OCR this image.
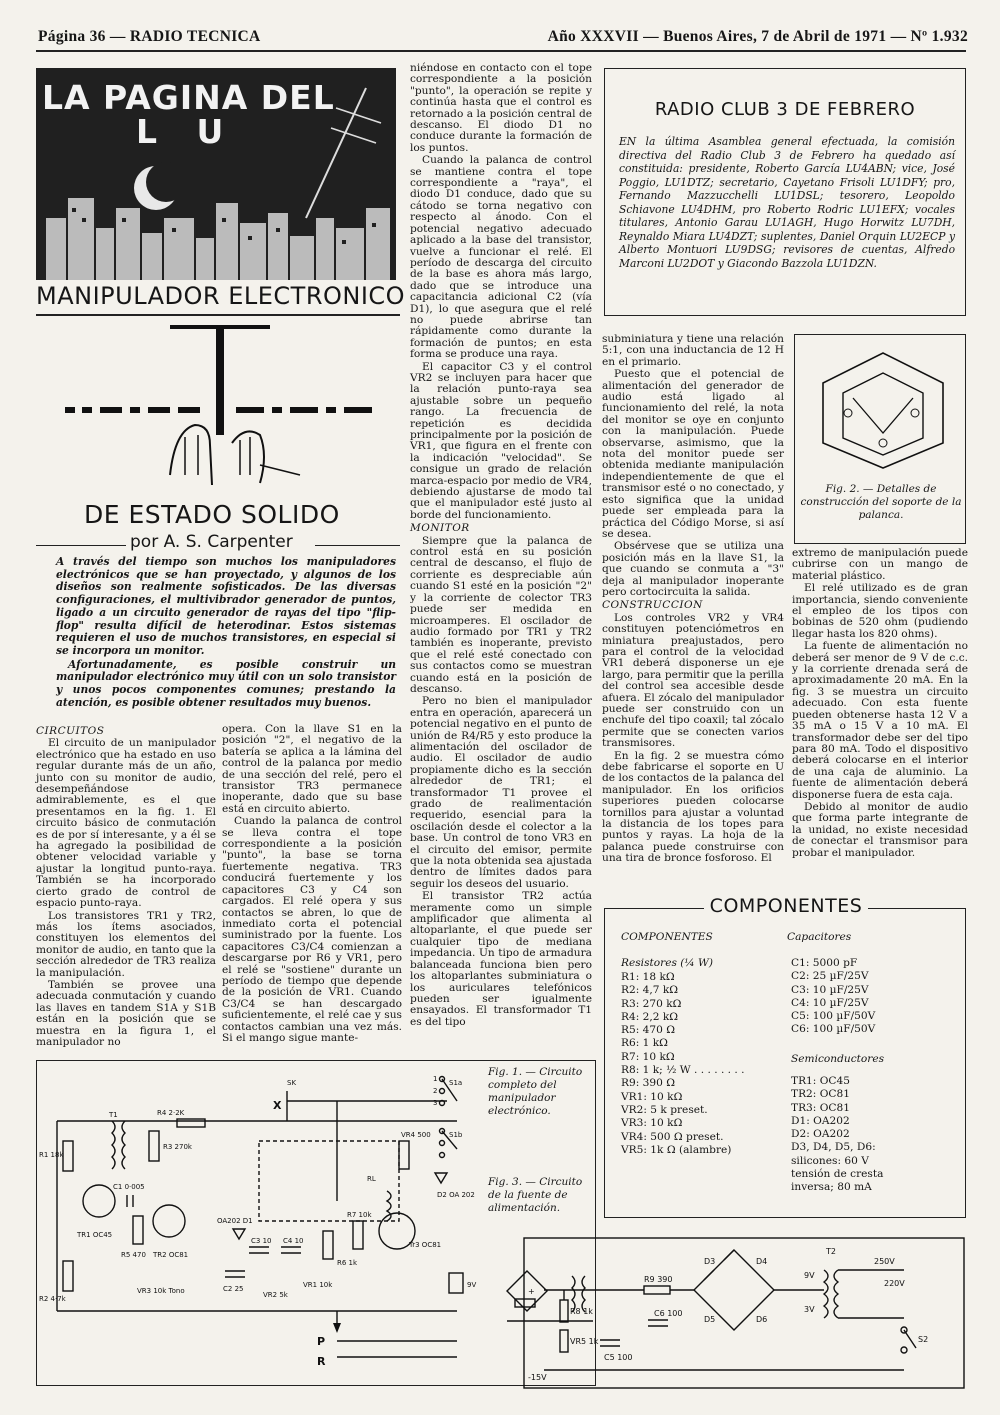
Página 36 — RADIO TECNICA	Año XXXVII — Buenos Aires, 7 de Abril de 1971 — Nº 1.932
LA PAGINA DEL
L U
MANIPULADOR ELECTRONICO
DE ESTADO SOLIDO
por A. S. Carpenter

A través del tiempo son muchos los manipuladores electrónicos que se han proyectado, y algunos de los diseños son realmente sofisticados. De las diversas configuraciones, el multivibrador generador de puntos, ligado a un circuito generador de rayas del tipo "flip-flop" resulta difícil de heterodinar. Estos sistemas requieren el uso de muchos transistores, en especial si se incorpora un monitor.

Afortunadamente, es posible construir un manipulador electrónico muy útil con un solo transistor y unos pocos componentes comunes; prestando la atención, es posible obtener resultados muy buenos.

CIRCUITOS

El circuito de un manipulador electrónico que ha estado en uso regular durante más de un año, junto con su monitor de audio, desempeñándose admirablemente, es el que presentamos en la fig. 1. El circuito básico de conmutación es de por sí interesante, y a él se ha agregado la posibilidad de obtener velocidad variable y ajustar la longitud punto-raya. También se ha incorporado cierto grado de control de espacio punto-raya.

Los transistores TR1 y TR2, más los ítems asociados, constituyen los elementos del monitor de audio, en tanto que la sección alrededor de TR3 realiza la manipulación.

También se provee una adecuada conmutación y cuando las llaves en tandem S1A y S1B están en la posición que se muestra en la figura 1, el manipulador no

opera. Con la llave S1 en la posición "2", el negativo de la batería se aplica a la lámina del control de la palanca por medio de una sección del relé, pero el transistor TR3 permanece inoperante, dado que su base está en circuito abierto.

Cuando la palanca de control se lleva contra el tope correspondiente a la posición "punto", la base se torna fuertemente negativa. TR3 conducirá fuertemente y los capacitores C3 y C4 son cargados. El relé opera y sus contactos se abren, lo que de inmediato corta el potencial suministrado por la fuente. Los capacitores C3/C4 comienzan a descargarse por R6 y VR1, pero el relé se "sostiene" durante un período de tiempo que depende de la posición de VR1. Cuando C3/C4 se han descargado suficientemente, el relé cae y sus contactos cambian una vez más. Si el mango sigue mante-

niéndose en contacto con el tope correspondiente a la posición "punto", la operación se repite y continúa hasta que el control es retornado a la posición central de descanso. El diodo D1 no conduce durante la formación de los puntos.

Cuando la palanca de control se mantiene contra el tope correspondiente a "raya", el diodo D1 conduce, dado que su cátodo se torna negativo con respecto al ánodo. Con el potencial negativo adecuado aplicado a la base del transistor, vuelve a funcionar el relé. El período de descarga del circuito de la base es ahora más largo, dado que se introduce una capacitancia adicional C2 (vía D1), lo que asegura que el relé no puede abrirse tan rápidamente como durante la formación de puntos; en esta forma se produce una raya.

El capacitor C3 y el control VR2 se incluyen para hacer que la relación punto-raya sea ajustable sobre un pequeño rango. La frecuencia de repetición es decidida principalmente por la posición de VR1, que figura en el frente con la indicación "velocidad". Se consigue un grado de relación marca-espacio por medio de VR4, debiendo ajustarse de modo tal que el manipulador esté justo al borde del funcionamiento.

MONITOR

Siempre que la palanca de control está en su posición central de descanso, el flujo de corriente es despreciable aún cuando S1 esté en la posición "2" y la corriente de colector TR3 puede ser medida en microamperes. El oscilador de audio formado por TR1 y TR2 también es inoperante, previsto que el relé esté conectado con sus contactos como se muestran cuando está en la posición de descanso.

Pero no bien el manipulador entra en operación, aparecerá un potencial negativo en el punto de unión de R4/R5 y esto produce la alimentación del oscilador de audio. El oscilador de audio propiamente dicho es la sección alrededor de TR1; el transformador T1 provee el grado de realimentación requerido, esencial para la oscilación desde el colector a la base. Un control de tono VR3 en el circuito del emisor, permite que la nota obtenida sea ajustada dentro de límites dados para seguir los deseos del usuario.

El transistor TR2 actúa meramente como un simple amplificador que alimenta al altoparlante, el que puede ser cualquier tipo de mediana impedancia. Un tipo de armadura balanceada funciona bien pero los altoparlantes subminiatura o los auriculares telefónicos pueden ser igualmente ensayados. El transformador T1 es del tipo

RADIO CLUB 3 DE FEBRERO
EN la última Asamblea general efectuada, la comisión directiva del Radio Club 3 de Febrero ha quedado así constituida: presidente, Roberto García LU4ABN; vice, José Poggio, LU1DTZ; secretario, Cayetano Frisoli LU1DFY; pro, Fernando Mazzucchelli LU1DSL; tesorero, Leopoldo Schiavone LU4DHM, pro Roberto Rodric LU1EFX; vocales titulares, Antonio Garau LU1AGH, Hugo Horwitz LU7DH, Reynaldo Miara LU4DZT; suplentes, Daniel Orquin LU2ECP y Alberto Montuori LU9DSG; revisores de cuentas, Alfredo Marconi LU2DOT y Giacondo Bazzola LU1DZN.

subminiatura y tiene una relación 5:1, con una inductancia de 12 H en el primario.

Puesto que el potencial de alimentación del generador de audio está ligado al funcionamiento del relé, la nota del monitor se oye en conjunto con la manipulación. Puede observarse, asimismo, que la nota del monitor puede ser obtenida mediante manipulación independientemente de que el transmisor esté o no conectado, y esto significa que la unidad puede ser empleada para la práctica del Código Morse, si así se desea.

Obsérvese que se utiliza una posición más en la llave S1, la que cuando se conmuta a "3" deja al manipulador inoperante pero cortocircuita la salida.

CONSTRUCCION

Los controles VR2 y VR4 constituyen potenciómetros en miniatura preajustados, pero para el control de la velocidad VR1 deberá disponerse un eje largo, para permitir que la perilla del control sea accesible desde afuera. El zócalo del manipulador puede ser construido con un enchufe del tipo coaxil; tal zócalo permite que se conecten varios transmisores.

En la fig. 2 se muestra cómo debe fabricarse el soporte en U de los contactos de la palanca del manipulador. En los orificios superiores pueden colocarse tornillos para ajustar a voluntad la distancia de los topes para puntos y rayas. La hoja de la palanca puede construirse con una tira de bronce fosforoso. El

Fig. 2. — Detalles de construcción del soporte de la palanca.

extremo de manipulación puede cubrirse con un mango de material plástico.

El relé utilizado es de gran importancia, siendo conveniente el empleo de los tipos con bobinas de 520 ohm (pudiendo llegar hasta los 820 ohms).

La fuente de alimentación no deberá ser menor de 9 V de c.c. y la corriente drenada será de aproximadamente 20 mA. En la fig. 3 se muestra un circuito adecuado. Con esta fuente pueden obtenerse hasta 12 V a 35 mA o 15 V a 10 mA. El transformador debe ser del tipo para 80 mA. Todo el dispositivo deberá colocarse en el interior de una caja de aluminio. La fuente de alimentación deberá disponerse fuera de esta caja.

Debido al monitor de audio que forma parte integrante de la unidad, no existe necesidad de conectar el transmisor para probar el manipulador.

COMPONENTES
COMPONENTES	Capacitores
Resistores (¼ W)
R1: 18 kΩ
R2: 4,7 kΩ
R3: 270 kΩ
R4: 2,2 kΩ
R5: 470 Ω
R6: 1 kΩ
R7: 10 kΩ
R8: 1 k; ½ W . . . . . . . .
R9: 390 Ω
VR1: 10 kΩ
VR2: 5 k preset.
VR3: 10 kΩ
VR4: 500 Ω preset.
VR5: 1k Ω (alambre)
C1: 5000 pF
C2: 25 µF/25V
C3: 10 µF/25V
C4: 10 µF/25V
C5: 100 µF/50V
C6: 100 µF/50V
Semiconductores
TR1: OC45
TR2: OC81
TR3: OC81
D1: OA202
D2: OA202
D3, D4, D5, D6:
silicones: 60 V
tensión de cresta
inversa; 80 mA
SK
X
T1	R4 2·2K
R3 270k
R1 18k
C1 0·005
TR1 OC45
R5 470 TR2 OC81
R2 4·7k
VR3 10k Tono
OA202 D1
C2 25
VR2 5k
C3 10 C4 10
VR1 10k
R7 10k
R6 1k
VR4 500
D2 OA 202
RL
Tr3 OC81
9V
P
R
S1a
S1b
1
2
3
Fig. 1. — Circuito completo del manipulador electrónico.
Fig. 3. — Circuito de la fuente de alimentación.
R9 390
D3	D4
D5	D6
T2
250V
220V
9V
3V
R8 1k
VR5 1k
C5 100
C6 100
S2
-15V
+
